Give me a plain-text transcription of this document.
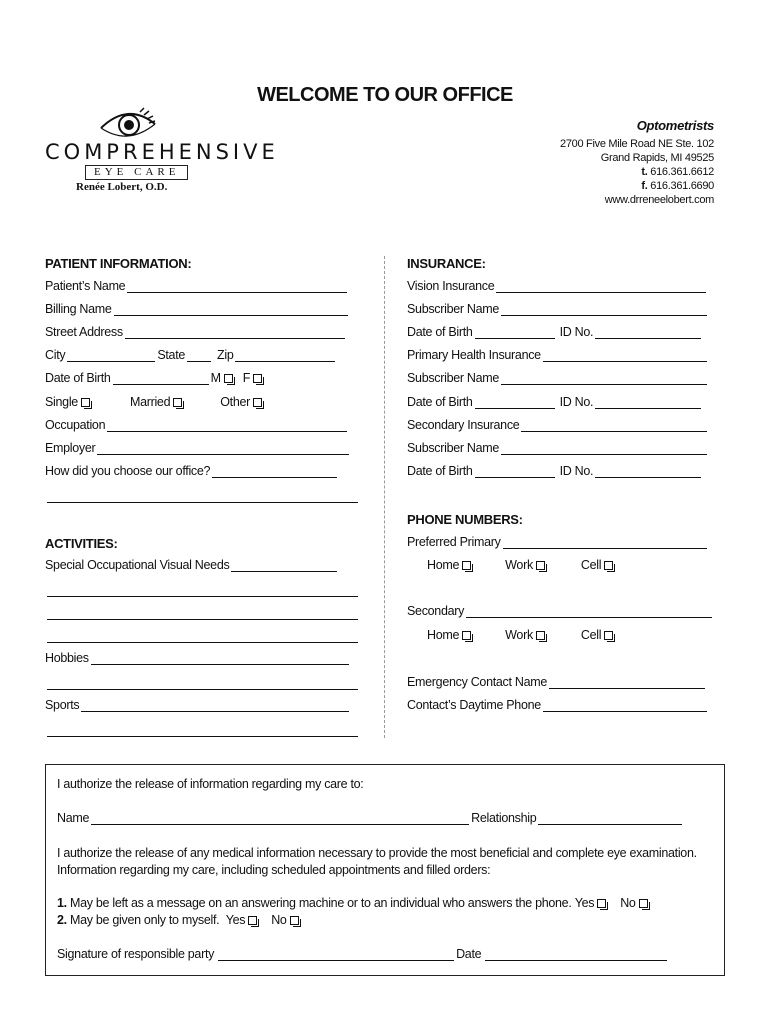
WELCOME TO OUR OFFICE
COMPREHENSIVE
EYE CARE
Renée Lobert, O.D.
Optometrists
2700 Five Mile Road NE Ste. 102
Grand Rapids, MI 49525
t. 616.361.6612
f. 616.361.6690
www.drreneelobert.com
PATIENT INFORMATION:
Patient’s Name
Billing Name
Street Address
City	State	Zip
Date of Birth	M F
Single	Married	Other
Occupation
Employer
How did you choose our office?
ACTIVITIES:
Special Occupational Visual Needs
Hobbies
Sports
INSURANCE:
Vision Insurance
Subscriber Name
Date of Birth	ID No.
Primary Health Insurance
Subscriber Name
Date of Birth	ID No.
Secondary Insurance
Subscriber Name
Date of Birth	ID No.
PHONE NUMBERS:
Preferred Primary
Home	Work	Cell
Secondary
Home	Work	Cell
Emergency Contact Name
Contact’s Daytime Phone
I authorize the release of information regarding my care to:
Name	Relationship
I authorize the release of any medical information necessary to provide the most beneficial and complete eye examination. Information regarding my care, including scheduled appointments and filled orders:
1.
May be left as a message on an answering machine or to an individual who answers the phone.
Yes No
2.
May be given only to myself.
Yes No
Signature of responsible party	Date
